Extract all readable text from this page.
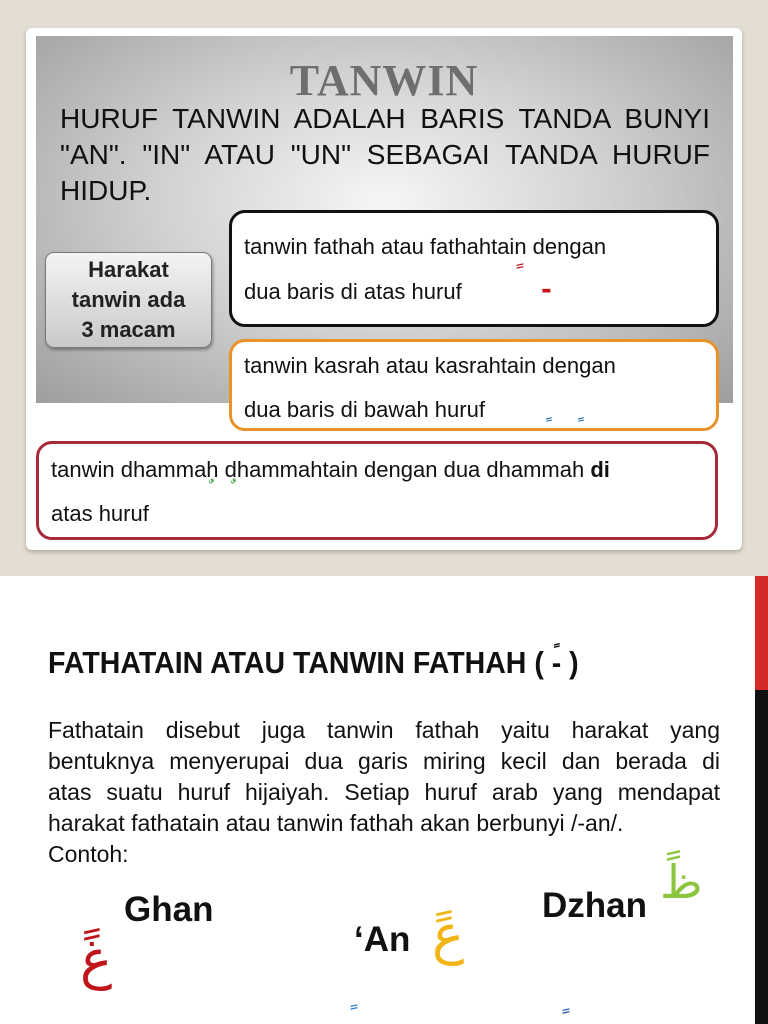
TANWIN
HURUF TANWIN ADALAH BARIS TANDA BUNYI "AN". "IN" ATAU "UN" SEBAGAI TANDA HURUF HIDUP.
Harakat
tanwin ada
3 macam
tanwin fathah atau fathahtain dengan
dua baris di atas huruf	-
tanwin kasrah atau kasrahtain dengan
dua baris di bawah huruf
tanwin dhammah dhammahtain dengan dua dhammah di
atas huruf
FATHATAIN ATAU TANWIN FATHAH ( - )
Fathatain disebut juga tanwin fathah yaitu harakat yang
bentuknya menyerupai dua garis miring kecil dan berada di
atas suatu huruf hijaiyah. Setiap huruf arab yang mendapat
harakat fathatain atau tanwin fathah akan berbunyi /-an/.
Contoh:
Ghan
غً	‘An عً Dzhan ظً
